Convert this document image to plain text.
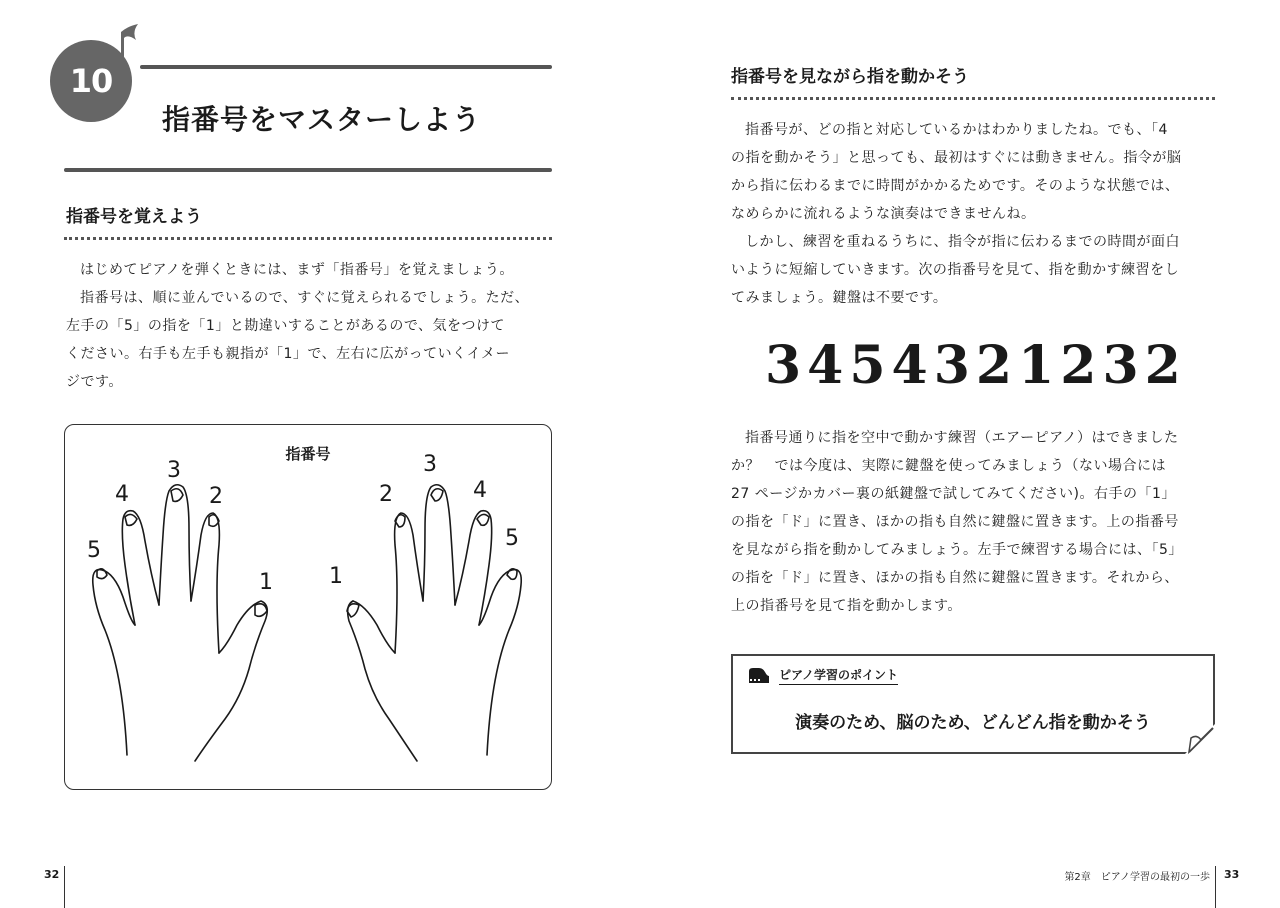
10
指番号をマスターしよう
指番号を覚えよう

はじめてピアノを弾くときには、まず「指番号」を覚えましょう。

指番号は、順に並んでいるので、すぐに覚えられるでしょう。ただ、

左手の「5」の指を「1」と勘違いすることがあるので、気をつけて

ください。右手も左手も親指が「1」で、左右に広がっていくイメー

ジです。

指番号
5
4
3
2
1	1
2
3
4
5
32
指番号を見ながら指を動かそう

指番号が、どの指と対応しているかはわかりましたね。でも、「4

の指を動かそう」と思っても、最初はすぐには動きません。指令が脳

から指に伝わるまでに時間がかかるためです。そのような状態では、

なめらかに流れるような演奏はできませんね。

しかし、練習を重ねるうちに、指令が指に伝わるまでの時間が面白

いように短縮していきます。次の指番号を見て、指を動かす練習をし

てみましょう。鍵盤は不要です。

3454321232

指番号通りに指を空中で動かす練習（エアーピアノ）はできました

か？　では今度は、実際に鍵盤を使ってみましょう（ない場合には

27 ページかカバー裏の紙鍵盤で試してみてください)。右手の「1」

の指を「ド」に置き、ほかの指も自然に鍵盤に置きます。上の指番号

を見ながら指を動かしてみましょう。左手で練習する場合には、「5」

の指を「ド」に置き、ほかの指も自然に鍵盤に置きます。それから、

上の指番号を見て指を動かします。

ピアノ学習のポイント
演奏のため、脳のため、どんどん指を動かそう
第2章　ピアノ学習の最初の一歩 33
